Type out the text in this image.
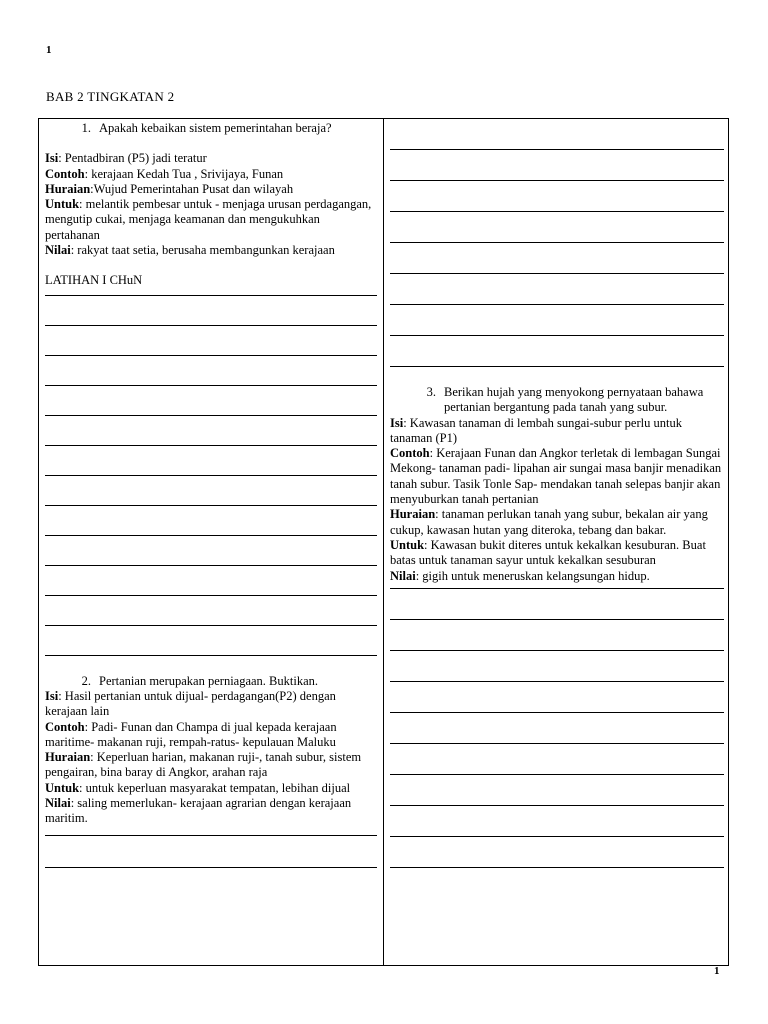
1
BAB 2 TINGKATAN 2
1. Apakah kebaikan sistem pemerintahan beraja?

Isi: Pentadbiran (P5) jadi teratur

Contoh: kerajaan Kedah Tua , Srivijaya, Funan

Huraian:Wujud Pemerintahan Pusat dan wilayah

Untuk: melantik pembesar untuk - menjaga urusan perdagangan, mengutip cukai, menjaga keamanan dan mengukuhkan pertahanan

Nilai: rakyat taat setia, berusaha membangunkan kerajaan

LATIHAN I CHuN

2. Pertanian merupakan perniagaan. Buktikan.

Isi: Hasil pertanian untuk dijual- perdagangan(P2) dengan kerajaan lain

Contoh: Padi- Funan dan Champa di jual kepada kerajaan maritime- makanan ruji, rempah-ratus- kepulauan Maluku

Huraian: Keperluan harian, makanan ruji-, tanah subur, sistem pengairan, bina baray di Angkor, arahan raja

Untuk: untuk keperluan masyarakat tempatan, lebihan dijual

Nilai: saling memerlukan- kerajaan agrarian dengan kerajaan maritim.

3. Berikan hujah yang menyokong pernyataan bahawa pertanian bergantung pada tanah yang subur.

Isi: Kawasan tanaman di lembah sungai-subur perlu untuk tanaman (P1)

Contoh: Kerajaan Funan dan Angkor terletak di lembagan Sungai Mekong- tanaman padi- lipahan air sungai masa banjir menadikan tanah subur. Tasik Tonle Sap- mendakan tanah selepas banjir akan menyuburkan tanah pertanian

Huraian: tanaman perlukan tanah yang subur, bekalan air yang cukup, kawasan hutan yang diteroka, tebang dan bakar.

Untuk: Kawasan bukit diteres untuk kekalkan kesuburan. Buat batas untuk tanaman sayur untuk kekalkan sesuburan

Nilai: gigih untuk meneruskan kelangsungan hidup.

1
